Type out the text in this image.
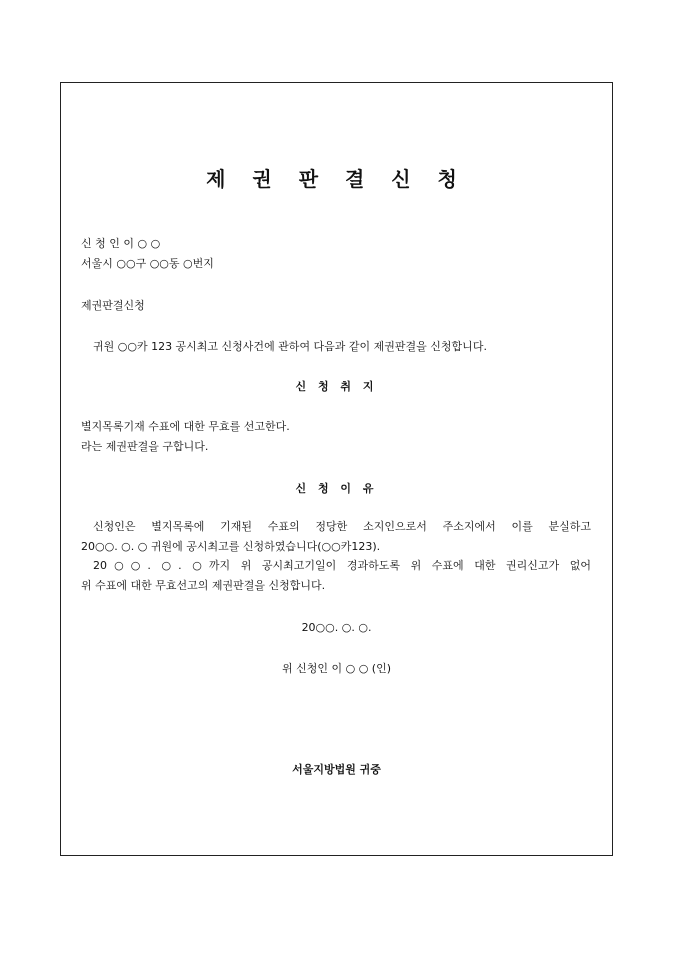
제 권 판 결 신 청
신 청 인 이 ○ ○
서울시 ○○구 ○○동 ○번지
제권판결신청
귀원 ○○카 123 공시최고 신청사건에 관하여 다음과 같이 제권판결을 신청합니다.
신 청 취 지
별지목록기재 수표에 대한 무효를 선고한다.
라는 제권판결을 구합니다.
신 청 이 유
신청인은 별지목록에 기재된 수표의 정당한 소지인으로서 주소지에서 이를 분실하고
20○○. ○. ○ 귀원에 공시최고를 신청하였습니다(○○카123).
20○○. ○. ○까지 위 공시최고기일이 경과하도록 위 수표에 대한 권리신고가 없어
위 수표에 대한 무효선고의 제권판결을 신청합니다.
20○○. ○. ○.
위 신청인 이 ○ ○ (인)
서울지방법원 귀중
